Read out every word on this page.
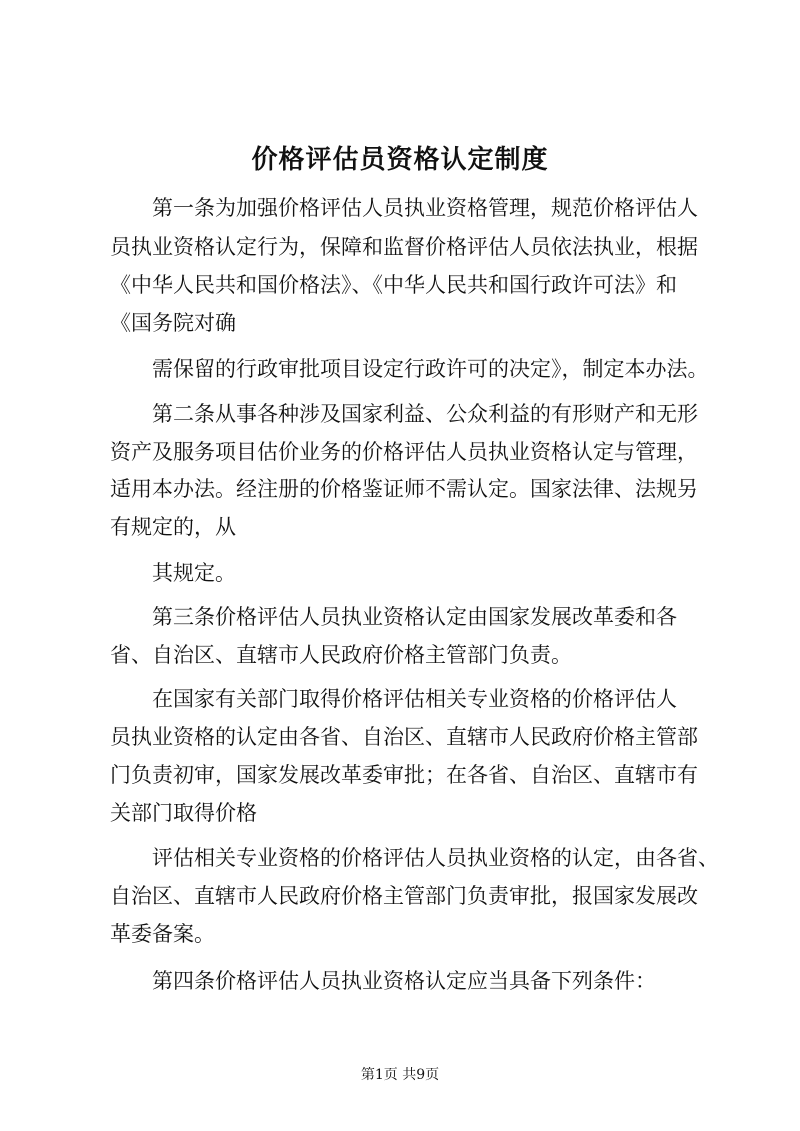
价格评估员资格认定制度
第一条为加强价格评估人员执业资格管理，规范价格评估人
员执业资格认定行为，保障和监督价格评估人员依法执业，根据
《中华人民共和国价格法》、《中华人民共和国行政许可法》和
《国务院对确
需保留的行政审批项目设定行政许可的决定》，制定本办法。
第二条从事各种涉及国家利益、公众利益的有形财产和无形
资产及服务项目估价业务的价格评估人员执业资格认定与管理，
适用本办法。经注册的价格鉴证师不需认定。国家法律、法规另
有规定的，从
其规定。
第三条价格评估人员执业资格认定由国家发展改革委和各
省、自治区、直辖市人民政府价格主管部门负责。
在国家有关部门取得价格评估相关专业资格的价格评估人
员执业资格的认定由各省、自治区、直辖市人民政府价格主管部
门负责初审，国家发展改革委审批；在各省、自治区、直辖市有
关部门取得价格
评估相关专业资格的价格评估人员执业资格的认定，由各省、
自治区、直辖市人民政府价格主管部门负责审批，报国家发展改
革委备案。
第四条价格评估人员执业资格认定应当具备下列条件：
第1页 共9页
